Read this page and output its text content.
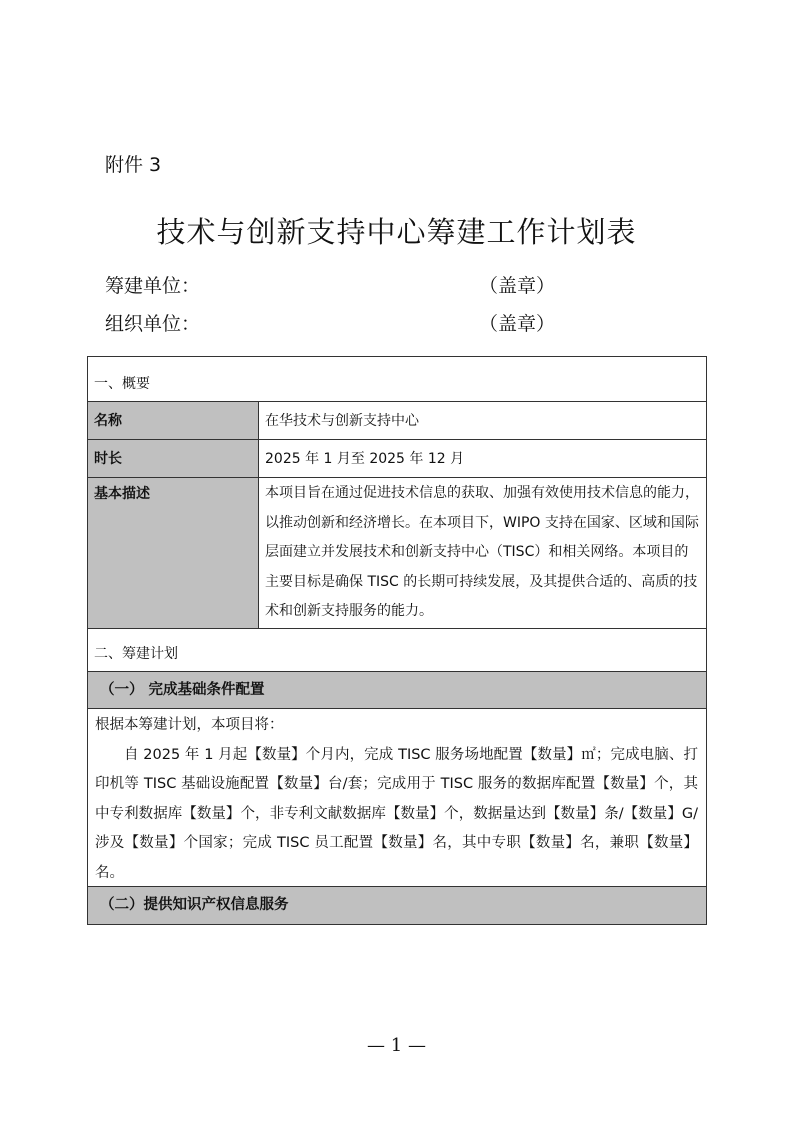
附件 3
技术与创新支持中心筹建工作计划表
筹建单位：	（盖章）
组织单位：	（盖章）
一、概要
名称	在华技术与创新支持中心
时长	2025 年 1 月至 2025 年 12 月
基本描述	本项目旨在通过促进技术信息的获取、加强有效使用技术信息的能力，以推动创新和经济增长。在本项目下，WIPO 支持在国家、区域和国际层面建立并发展技术和创新支持中心（TISC）和相关网络。本项目的主要目标是确保 TISC 的长期可持续发展，及其提供合适的、高质的技术和创新支持服务的能力。
二、筹建计划
（一） 完成基础条件配置
根据本筹建计划，本项目将：
自 2025 年 1 月起【数量】个月内，完成 TISC 服务场地配置【数量】㎡；完成电脑、打印机等 TISC 基础设施配置【数量】台/套；完成用于 TISC 服务的数据库配置【数量】个，其中专利数据库【数量】个，非专利文献数据库【数量】个，数据量达到【数量】条/【数量】G/涉及【数量】个国家；完成 TISC 员工配置【数量】名，其中专职【数量】名，兼职【数量】名。
（二）提供知识产权信息服务
— 1 —
